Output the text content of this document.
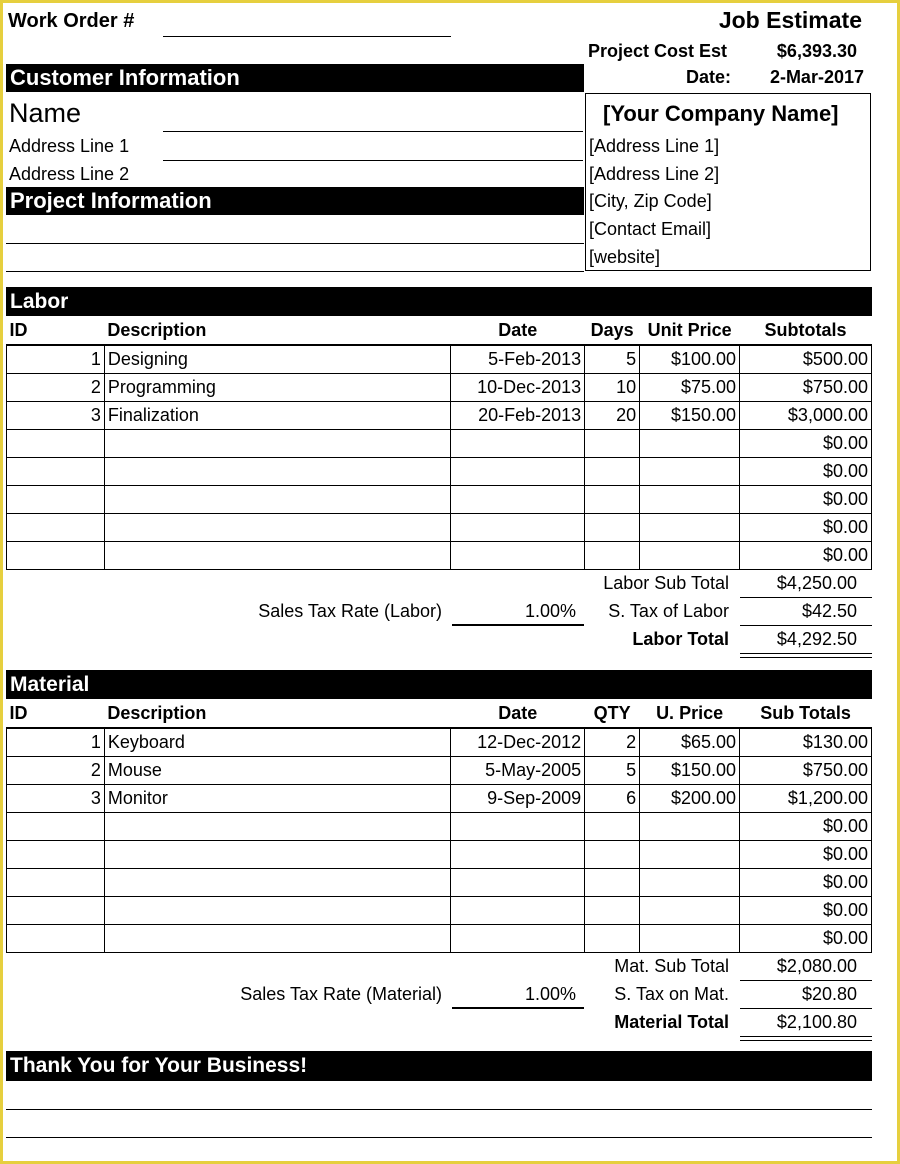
Work Order #	Job Estimate
Project Cost Est	$6,393.30
Date: 2-Mar-2017
Customer Information
Name
Address Line 1
Address Line 2
Project Information
[Your Company Name]
[Address Line 1]
[Address Line 2]
[City, Zip Code]
[Contact Email]
[website]
Labor
ID	Description	Date	Days	Unit Price	Subtotals
1	Designing	5-Feb-2013	5	$100.00	$500.00
2	Programming	10-Dec-2013	10	$75.00	$750.00
3	Finalization	20-Feb-2013	20	$150.00	$3,000.00
					$0.00
					$0.00
					$0.00
					$0.00
					$0.00
Labor Sub Total	$4,250.00
Sales Tax Rate (Labor)	1.00% S. Tax of Labor	$42.50
Labor Total	$4,292.50
Material
ID	Description	Date	QTY	U. Price	Sub Totals
1	Keyboard	12-Dec-2012	2	$65.00	$130.00
2	Mouse	5-May-2005	5	$150.00	$750.00
3	Monitor	9-Sep-2009	6	$200.00	$1,200.00
					$0.00
					$0.00
					$0.00
					$0.00
					$0.00
Mat. Sub Total	$2,080.00
Sales Tax Rate (Material)	1.00% S. Tax on Mat.	$20.80
Material Total	$2,100.80
Thank You for Your Business!
